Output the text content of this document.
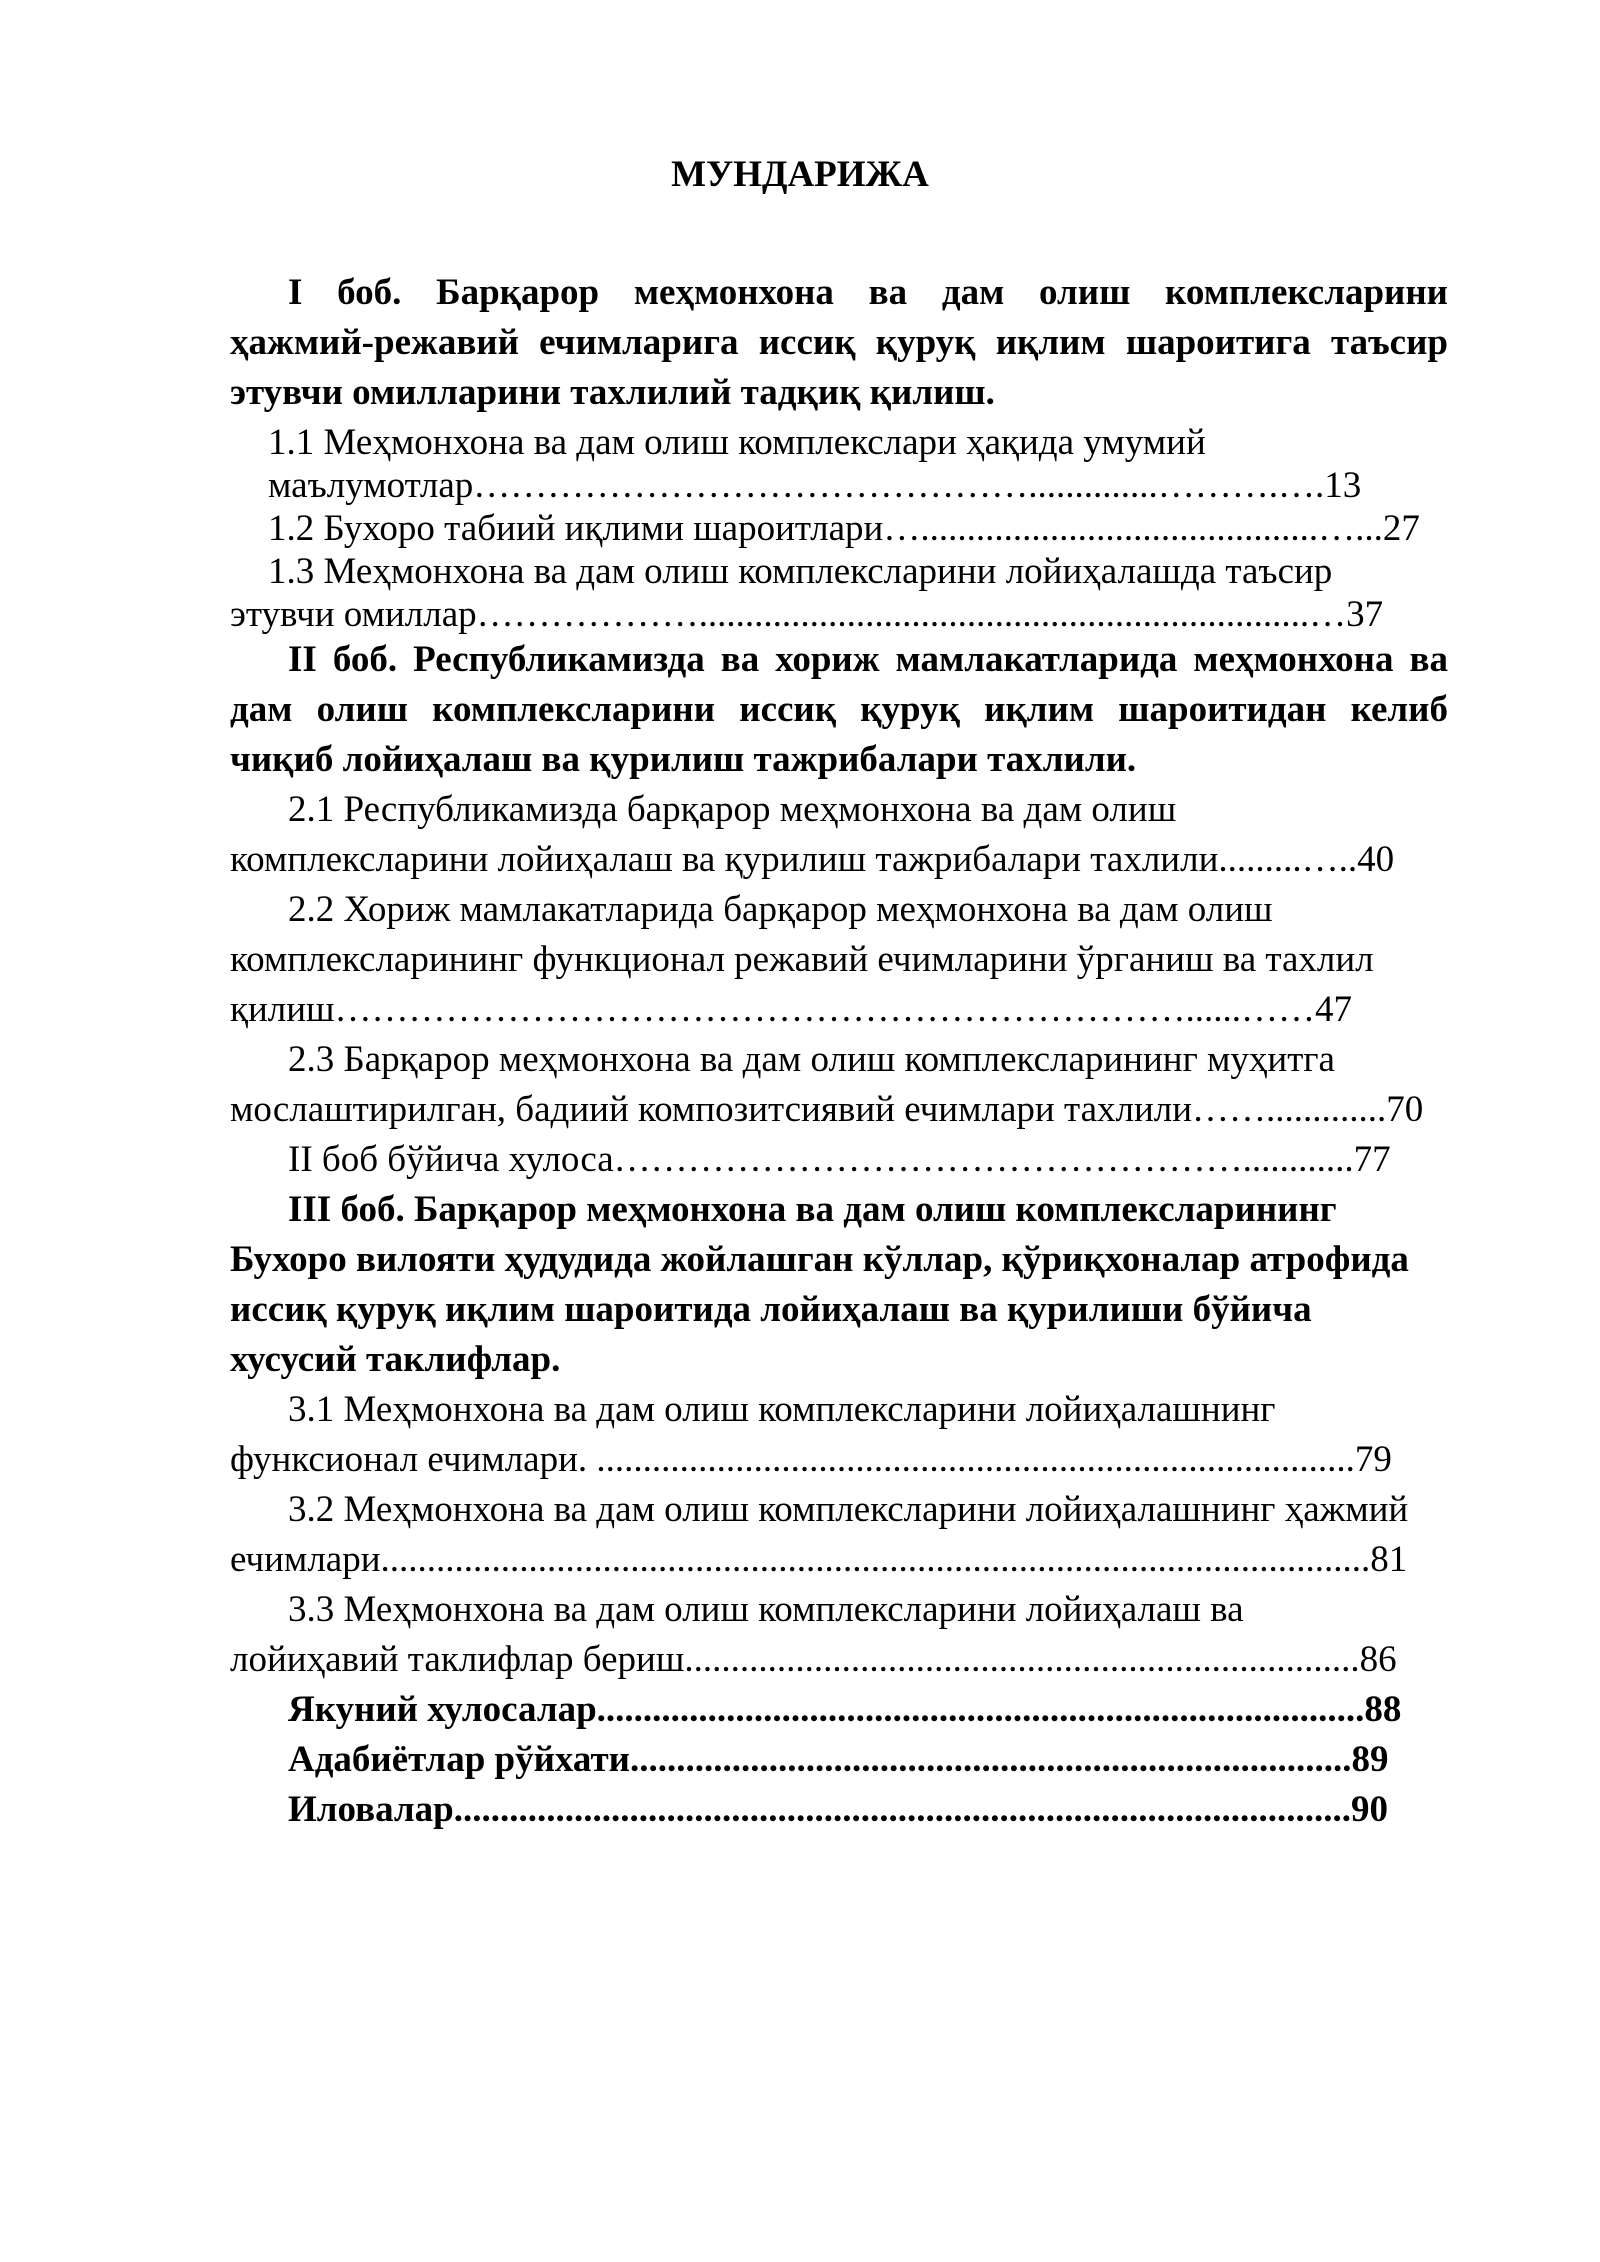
МУНДАРИЖА

І боб. Барқарор меҳмонхона ва дам олиш комплексларини

ҳажмий-режавий ечимларига иссиқ қуруқ иқлим шароитига таъсир

этувчи омилларини тахлилий тадқиқ қилиш.

1.1 Меҳмонхона ва дам олиш комплекслари ҳақида умумий

маълумотлар………………………………………..............……….….13

1.2 Бухоро табиий иқлими шароитлари…...........................................…...27

1.3 Меҳмонхона ва дам олиш комплексларини лойиҳалашда таъсир

этувчи омиллар………………..................................................................…37

ІІ боб. Республикамизда ва хориж мамлакатларида меҳмонхона ва

дам олиш комплексларини иссиқ қуруқ иқлим шароитидан келиб

чиқиб лойиҳалаш ва қурилиш тажрибалари тахлили.

2.1 Республикамизда барқарор меҳмонхона ва дам олиш

комплексларини лойиҳалаш ва қурилиш тажрибалари тахлили.........…..40

2.2 Хориж мамлакатларида барқарор меҳмонхона ва дам олиш

комплексларининг функционал режавий ечимларини ўрганиш ва тахлил

қилиш……………………………………………………………......……47

2.3 Барқарор меҳмонхона ва дам олиш комплексларининг муҳитга

мослаштирилган, бадиий композитсиявий ечимлари тахлили…….............70

ІІ боб бўйича хулоса……………………………………………............77

ІІІ боб. Барқарор меҳмонхона ва дам олиш комплексларининг

Бухоро вилояти ҳудудида жойлашган кўллар, қўриқхоналар атрофида

иссиқ қуруқ иқлим шароитида лойиҳалаш ва қурилиши бўйича

хусусий таклифлар.

3.1 Меҳмонхона ва дам олиш комплексларини лойиҳалашнинг

функсионал ечимлари. ..................................................................................79

3.2 Меҳмонхона ва дам олиш комплексларини лойиҳалашнинг ҳажмий

ечимлари...........................................................................................................81

3.3 Меҳмонхона ва дам олиш комплексларини лойиҳалаш ва

лойиҳавий таклифлар бериш.........................................................................86

Якуний хулосалар...................................................................................88

Адабиётлар рўйхати..............................................................................89

Иловалар.................................................................................................90
